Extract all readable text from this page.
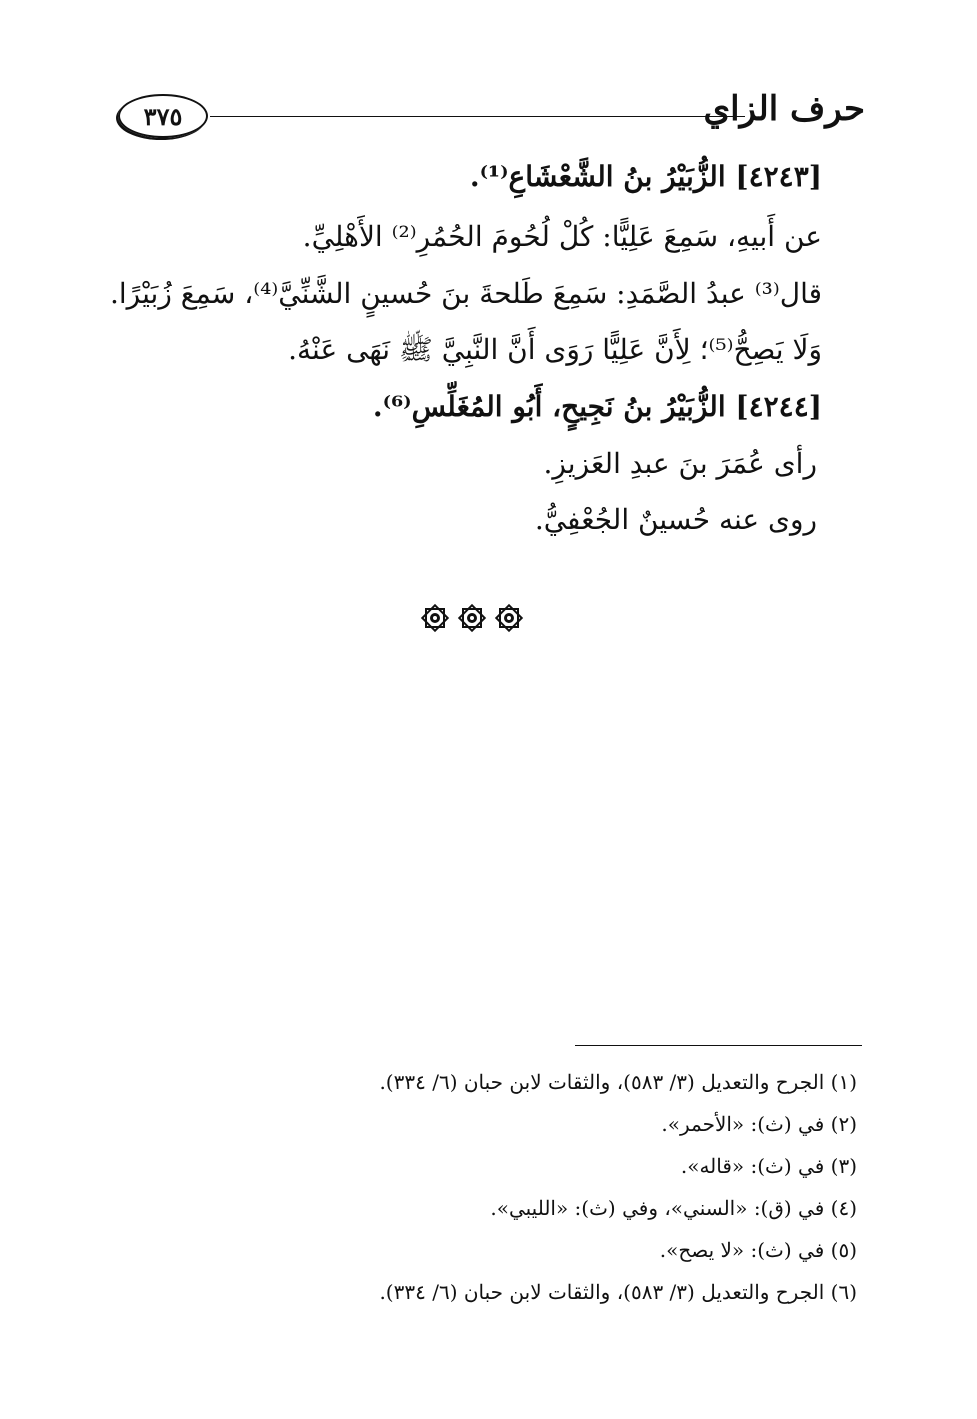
حرف الزاي
٣٧٥
[٤٢٤٣] الزُّبَيْرُ بنُ الشَّعْشَاعِ⁽¹⁾.
عن أَبيهِ، سَمِعَ عَلِيًّا: كُلْ لُحُومَ الحُمُرِ⁽²⁾ الأَهْلِيِّ.
قال⁽³⁾ عبدُ الصَّمَدِ: سَمِعَ طَلحةَ بنَ حُسينٍ الشَّنِّيَّ⁽⁴⁾، سَمِعَ زُبَيْرًا.
وَلَا يَصِحُّ⁽⁵⁾؛ لِأَنَّ عَلِيًّا رَوَى أَنَّ النَّبِيَّ ﷺ نَهَى عَنْهُ.
[٤٢٤٤] الزُّبَيْرُ بنُ نَجِيحٍ، أَبُو المُغَلِّسِ⁽⁶⁾.
رأى عُمَرَ بنَ عبدِ العَزيزِ.
روى عنه حُسينٌ الجُعْفِيُّ.
(١) الجرح والتعديل (٣/ ٥٨٣)، والثقات لابن حبان (٦/ ٣٣٤).
(٢) في (ث): «الأحمر».
(٣) في (ث): «قاله».
(٤) في (ق): «السني»، وفي (ث): «الليبي».
(٥) في (ث): «لا يصح».
(٦) الجرح والتعديل (٣/ ٥٨٣)، والثقات لابن حبان (٦/ ٣٣٤).
